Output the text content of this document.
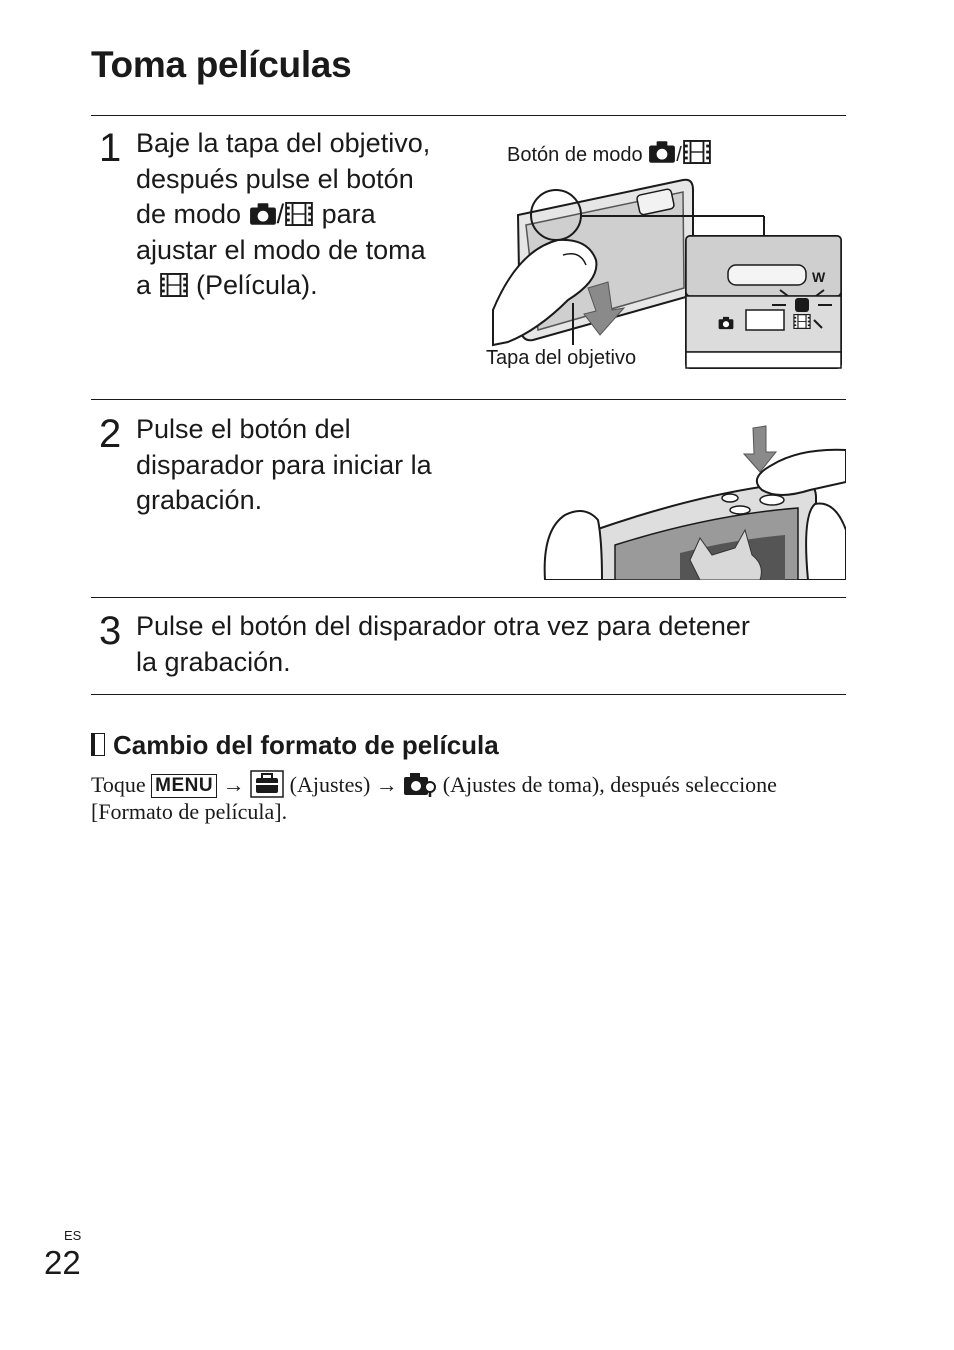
Toma películas
1 Baje la tapa del objetivo,
después pulse el botón
de modo / para
ajustar el modo de toma
a  (Película).
Botón de modo /
W
Tapa del objetivo
2 Pulse el botón del
disparador para iniciar la
grabación.
3 Pulse el botón del disparador otra vez para detener
la grabación.
Cambio del formato de película
Toque MENU → (Ajustes) → (Ajustes de toma), después seleccione
[Formato de película].
ES
22
